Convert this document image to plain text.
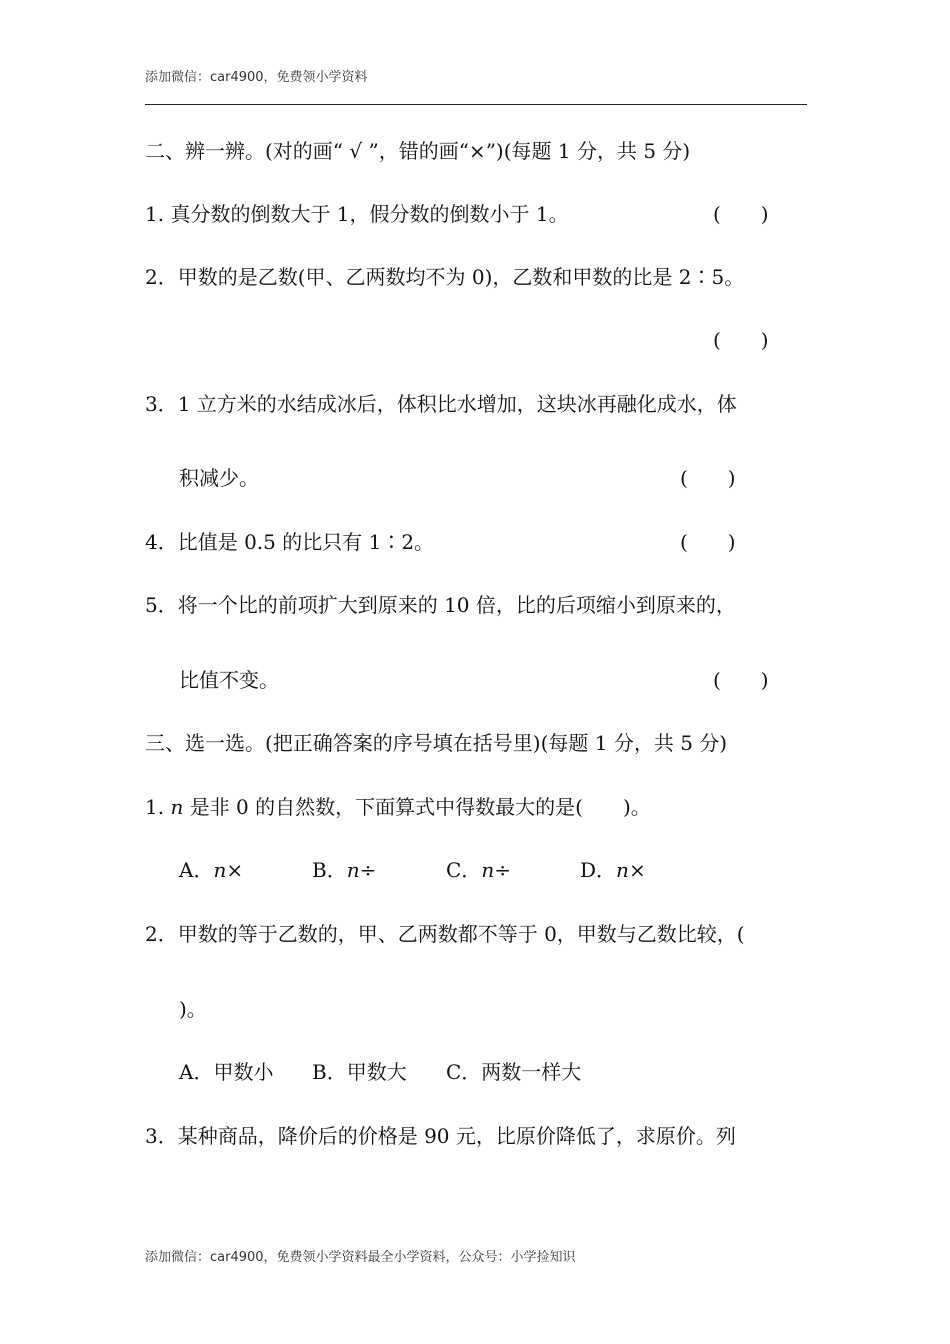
添加微信：car4900，免费领小学资料
二、辨一辨。(对的画“ √ ”，错的画“×”)(每题 1 分，共 5 分)
1. 真分数的倒数大于 1，假分数的倒数小于 1。	(　　)
2．甲数的是乙数(甲、乙两数均不为 0)，乙数和甲数的比是 2∶5。
(　　)
3．1 立方米的水结成冰后，体积比水增加，这块冰再融化成水，体
积减少。	(　　)
4．比值是 0.5 的比只有 1∶2。	(　　)
5．将一个比的前项扩大到原来的 10 倍，比的后项缩小到原来的，
比值不变。	(　　)
三、选一选。(把正确答案的序号填在括号里)(每题 1 分，共 5 分)
1. n 是非 0 的自然数，下面算式中得数最大的是(　　)。
A．n×	B．n÷	C．n÷	D．n×
2．甲数的等于乙数的，甲、乙两数都不等于 0，甲数与乙数比较，(
)。
A．甲数小 B．甲数大 C．两数一样大
3．某种商品，降价后的价格是 90 元，比原价降低了，求原价。列
添加微信：car4900，免费领小学资料最全小学资料，公众号：小学捡知识
